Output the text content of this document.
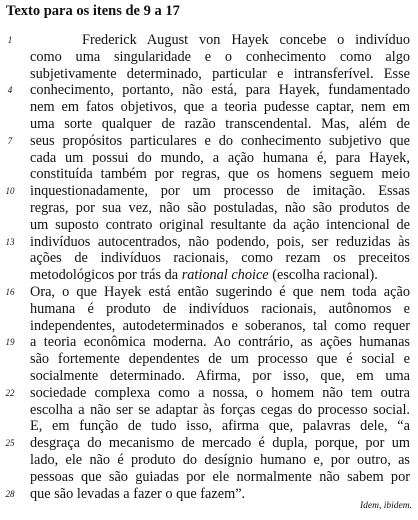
Texto para os itens de 9 a 17
1	Frederick August von Hayek concebe o indivíduo
como uma singularidade e o conhecimento como algo
subjetivamente determinado, particular e intransferível. Esse
4	conhecimento, portanto, não está, para Hayek, fundamentado
nem em fatos objetivos, que a teoria pudesse captar, nem em
uma sorte qualquer de razão transcendental. Mas, além de
7	seus propósitos particulares e do conhecimento subjetivo que
cada um possui do mundo, a ação humana é, para Hayek,
constituída também por regras, que os homens seguem meio
10 inquestionadamente, por um processo de imitação. Essas
regras, por sua vez, não são postuladas, não são produtos de
um suposto contrato original resultante da ação intencional de
13 indivíduos autocentrados, não podendo, pois, ser reduzidas às
ações de indivíduos racionais, como rezam os preceitos
metodológicos por trás da rational choice (escolha racional).
16 Ora, o que Hayek está então sugerindo é que nem toda ação
humana é produto de indivíduos racionais, autônomos e
independentes, autodeterminados e soberanos, tal como requer
19 a teoria econômica moderna. Ao contrário, as ações humanas
são fortemente dependentes de um processo que é social e
socialmente determinado. Afirma, por isso, que, em uma
22 sociedade complexa como a nossa, o homem não tem outra
escolha a não ser se adaptar às forças cegas do processo social.
E, em função de tudo isso, afirma que, palavras dele, “a
25 desgraça do mecanismo de mercado é dupla, porque, por um
lado, ele não é produto do desígnio humano e, por outro, as
pessoas que são guiadas por ele normalmente não sabem por
28 que são levadas a fazer o que fazem”.
Idem, ibidem.
